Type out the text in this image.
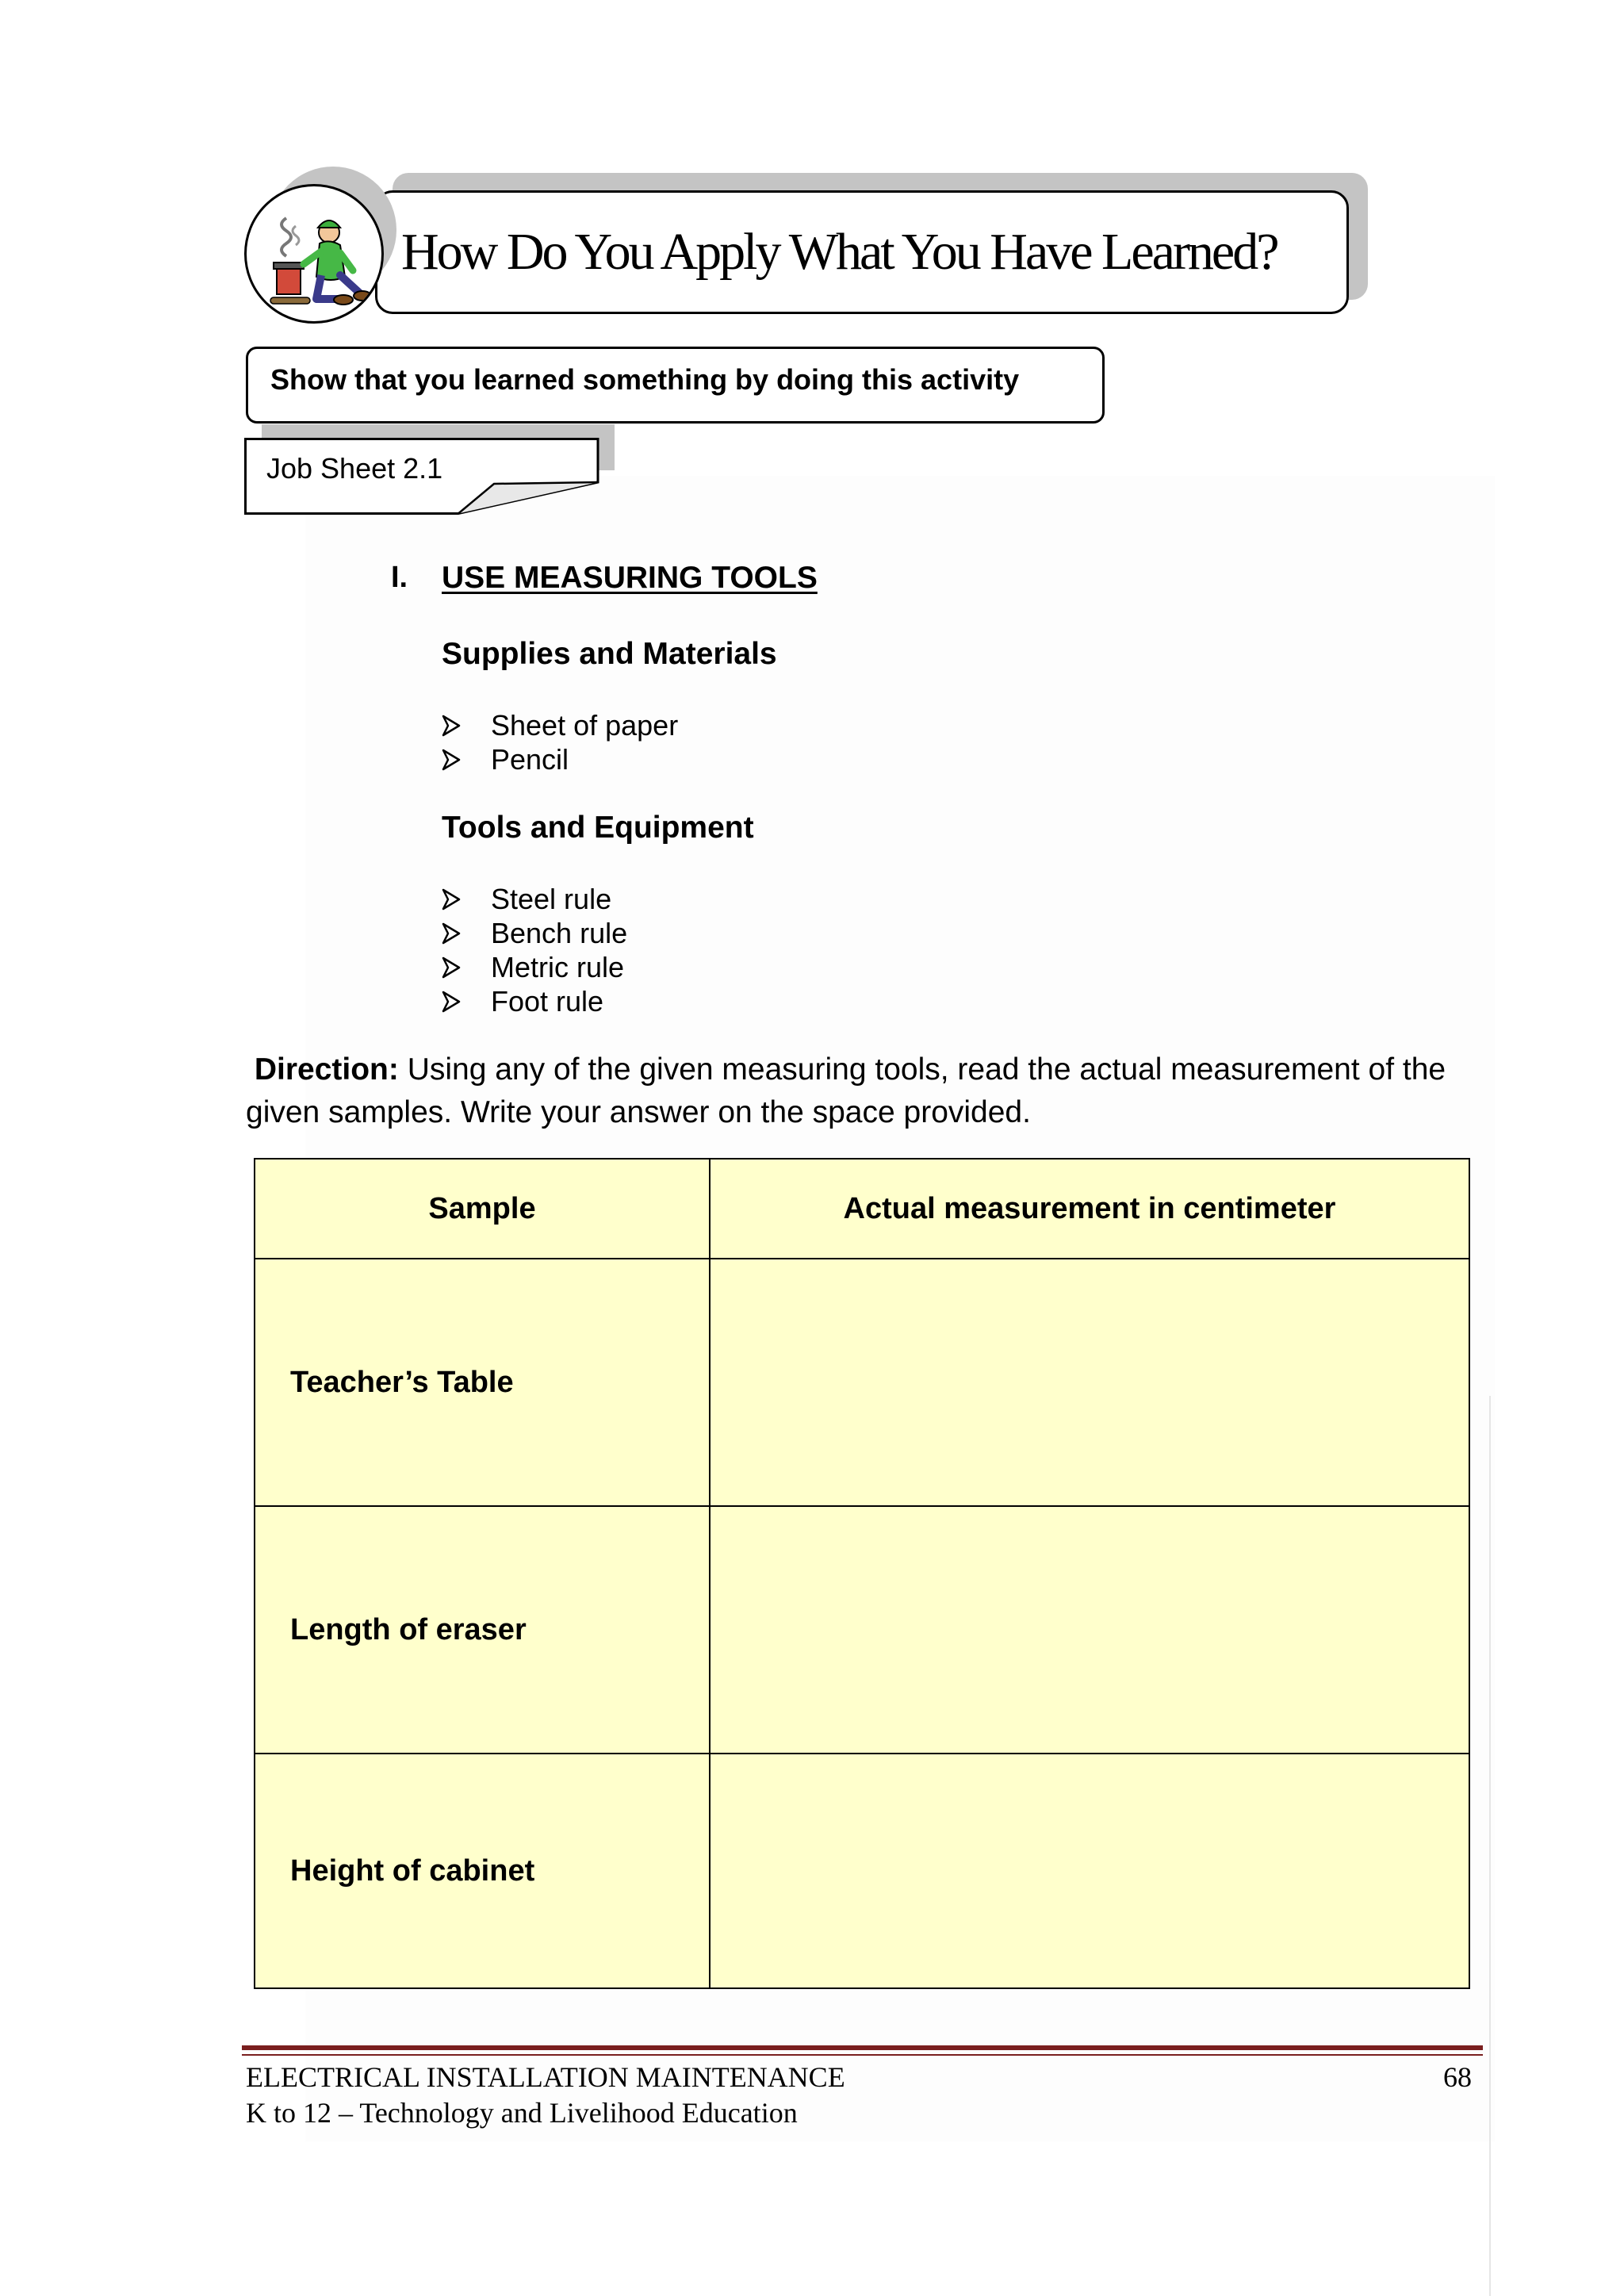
How Do You Apply What You Have Learned?
Show that you learned something by doing this activity
Job Sheet 2.1
I. USE MEASURING TOOLS
Supplies and Materials
Sheet of paper
Pencil
Tools and Equipment
Steel rule
Bench rule
Metric rule
Foot rule
Direction: Using any of the given measuring tools, read the actual measurement of the given samples. Write your answer on the space provided.
Sample	Actual measurement in centimeter
Teacher’s Table	
Length of eraser	
Height of cabinet	
ELECTRICAL INSTALLATION MAINTENANCE
K to 12 – Technology and Livelihood Education
68
